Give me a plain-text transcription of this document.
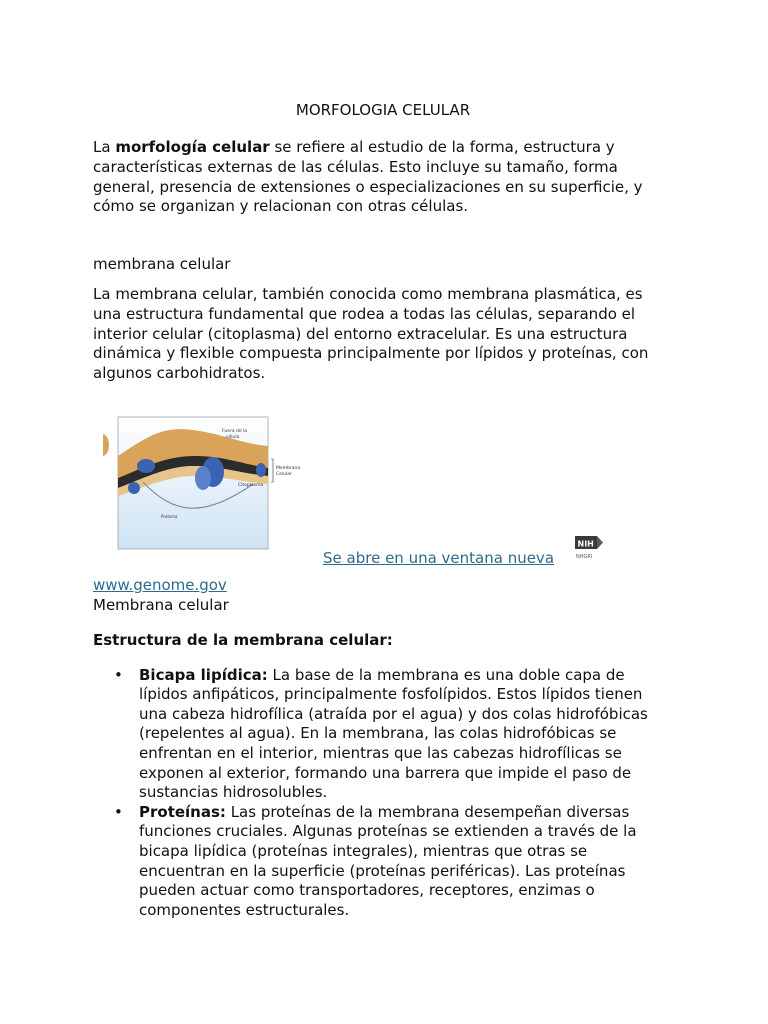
MORFOLOGIA CELULAR

La morfología celular se refiere al estudio de la forma, estructura y características externas de las células. Esto incluye su tamaño, forma general, presencia de extensiones o especializaciones en su superficie, y cómo se organizan y relacionan con otras células.

membrana celular

La membrana celular, también conocida como membrana plasmática, es una estructura fundamental que rodea a todas las células, separando el interior celular (citoplasma) del entorno extracelular. Es una estructura dinámica y flexible compuesta principalmente por lípidos y proteínas, con algunos carbohidratos.

Fuera de la
célula
Citoplasma
Proteína
Membrana
Celular
Se abre en una ventana nueva
NIH
NHGRI
www.genome.gov

Membrana celular

Estructura de la membrana celular:

• Bicapa lipídica: La base de la membrana es una doble capa de lípidos anfipáticos, principalmente fosfolípidos. Estos lípidos tienen una cabeza hidrofílica (atraída por el agua) y dos colas hidrofóbicas (repelentes al agua). En la membrana, las colas hidrofóbicas se enfrentan en el interior, mientras que las cabezas hidrofílicas se exponen al exterior, formando una barrera que impide el paso de sustancias hidrosolubles.
• Proteínas: Las proteínas de la membrana desempeñan diversas funciones cruciales. Algunas proteínas se extienden a través de la bicapa lipídica (proteínas integrales), mientras que otras se encuentran en la superficie (proteínas periféricas). Las proteínas pueden actuar como transportadores, receptores, enzimas o componentes estructurales.
